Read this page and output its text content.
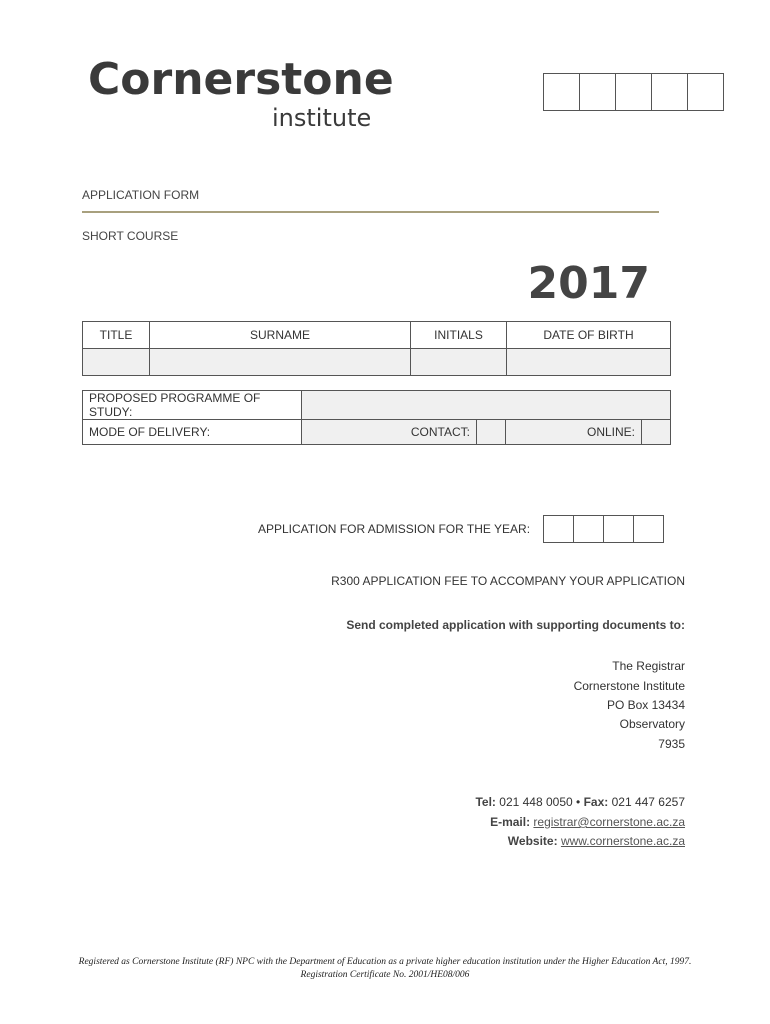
Cornerstone
institute
APPLICATION FORM
SHORT COURSE
2017
TITLE	SURNAME	INITIALS	DATE OF BIRTH

PROPOSED PROGRAMME OF STUDY:				
MODE OF DELIVERY:	CONTACT:		ONLINE:	
APPLICATION FOR ADMISSION FOR THE YEAR:
R300 APPLICATION FEE TO ACCOMPANY YOUR APPLICATION
Send completed application with supporting documents to:
The Registrar
Cornerstone Institute
PO Box 13434
Observatory
7935
Tel: 021 448 0050 • Fax: 021 447 6257
E-mail: registrar@cornerstone.ac.za
Website: www.cornerstone.ac.za
Registered as Cornerstone Institute (RF) NPC with the Department of Education as a private higher education institution under the Higher Education Act, 1997.
Registration Certificate No. 2001/HE08/006
